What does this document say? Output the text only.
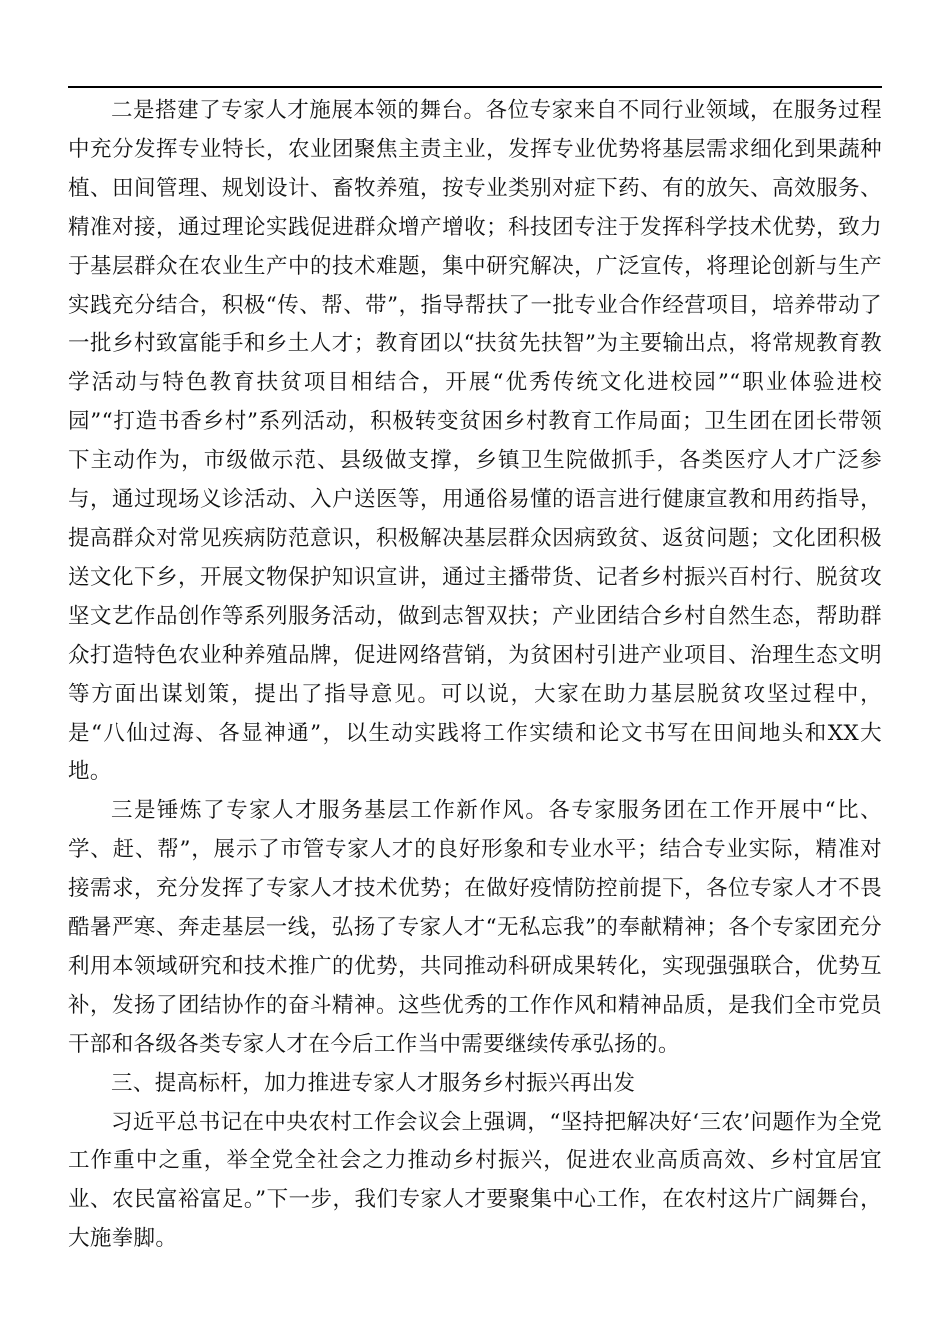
二是搭建了专家人才施展本领的舞台。各位专家来自不同行业领域，在服务过程中充分发挥专业特长，农业团聚焦主责主业，发挥专业优势将基层需求细化到果蔬种植、田间管理、规划设计、畜牧养殖，按专业类别对症下药、有的放矢、高效服务、精准对接，通过理论实践促进群众增产增收；科技团专注于发挥科学技术优势，致力于基层群众在农业生产中的技术难题，集中研究解决，广泛宣传，将理论创新与生产实践充分结合，积极“传、帮、带”，指导帮扶了一批专业合作经营项目，培养带动了一批乡村致富能手和乡土人才；教育团以“扶贫先扶智”为主要输出点，将常规教育教学活动与特色教育扶贫项目相结合，开展“优秀传统文化进校园”“职业体验进校园”“打造书香乡村”系列活动，积极转变贫困乡村教育工作局面；卫生团在团长带领下主动作为，市级做示范、县级做支撑，乡镇卫生院做抓手，各类医疗人才广泛参与，通过现场义诊活动、入户送医等，用通俗易懂的语言进行健康宣教和用药指导，提高群众对常见疾病防范意识，积极解决基层群众因病致贫、返贫问题；文化团积极送文化下乡，开展文物保护知识宣讲，通过主播带货、记者乡村振兴百村行、脱贫攻坚文艺作品创作等系列服务活动，做到志智双扶；产业团结合乡村自然生态，帮助群众打造特色农业种养殖品牌，促进网络营销，为贫困村引进产业项目、治理生态文明等方面出谋划策，提出了指导意见。可以说，大家在助力基层脱贫攻坚过程中，是“八仙过海、各显神通”，以生动实践将工作实绩和论文书写在田间地头和XX大地。

三是锤炼了专家人才服务基层工作新作风。各专家服务团在工作开展中“比、学、赶、帮”，展示了市管专家人才的良好形象和专业水平；结合专业实际，精准对接需求，充分发挥了专家人才技术优势；在做好疫情防控前提下，各位专家人才不畏酷暑严寒、奔走基层一线，弘扬了专家人才“无私忘我”的奉献精神；各个专家团充分利用本领域研究和技术推广的优势，共同推动科研成果转化，实现强强联合，优势互补，发扬了团结协作的奋斗精神。这些优秀的工作作风和精神品质，是我们全市党员干部和各级各类专家人才在今后工作当中需要继续传承弘扬的。

三、提高标杆，加力推进专家人才服务乡村振兴再出发

习近平总书记在中央农村工作会议会上强调，“坚持把解决好‘三农’问题作为全党工作重中之重，举全党全社会之力推动乡村振兴，促进农业高质高效、乡村宜居宜业、农民富裕富足。”下一步，我们专家人才要聚集中心工作，在农村这片广阔舞台，大施拳脚。
